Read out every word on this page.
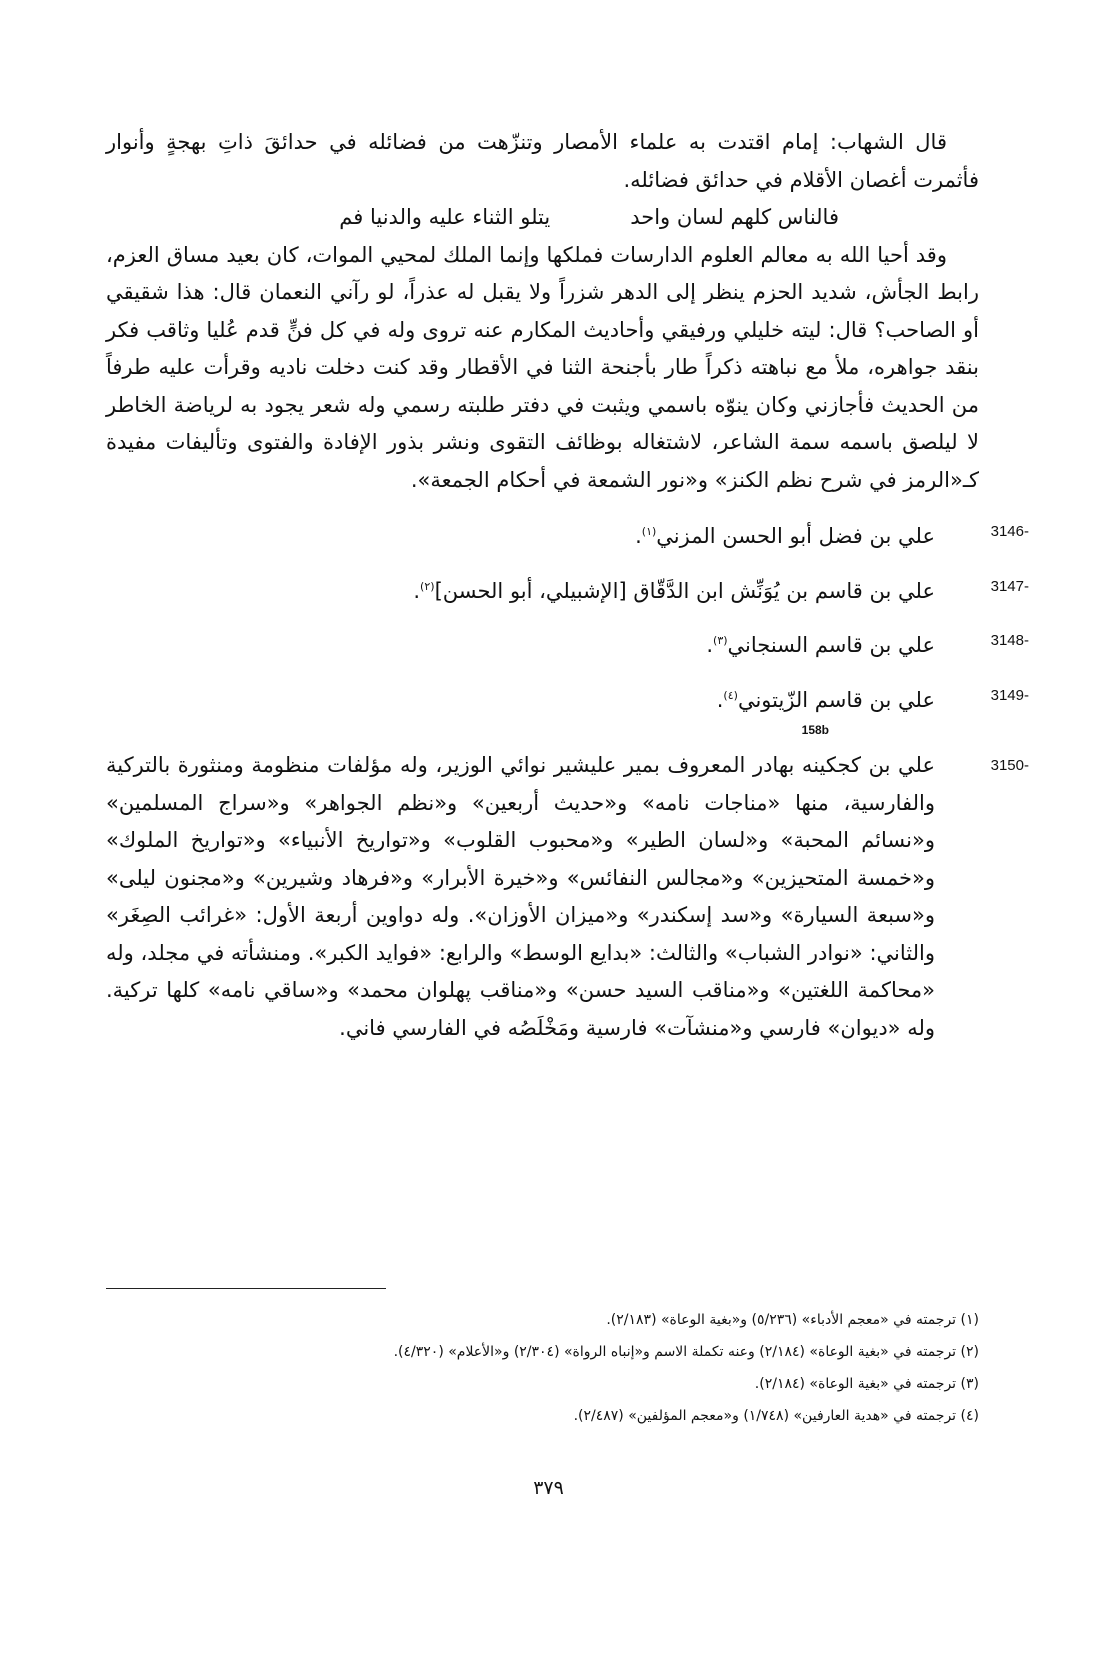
قال الشهاب: إمام اقتدت به علماء الأمصار وتنزّهت من فضائله في حدائقَ ذاتِ بهجةٍ وأنوار فأثمرت أغصان الأقلام في حدائق فضائله.

فالناس كلهم لسان واحد
يتلو الثناء عليه والدنيا فم

وقد أحيا الله به معالم العلوم الدارسات فملكها وإنما الملك لمحيي الموات، كان بعيد مساق العزم، رابط الجأش، شديد الحزم ينظر إلى الدهر شزراً ولا يقبل له عذراً، لو رآني النعمان قال: هذا شقيقي أو الصاحب؟ قال: ليته خليلي ورفيقي وأحاديث المكارم عنه تروى وله في كل فنٍّ قدم عُليا وثاقب فكر بنقد جواهره، ملأ مع نباهته ذكراً طار بأجنحة الثنا في الأقطار وقد كنت دخلت ناديه وقرأت عليه طرفاً من الحديث فأجازني وكان ينوّه باسمي ويثبت في دفتر طلبته رسمي وله شعر يجود به لرياضة الخاطر لا ليلصق باسمه سمة الشاعر، لاشتغاله بوظائف التقوى ونشر بذور الإفادة والفتوى وتأليفات مفيدة كـ«الرمز في شرح نظم الكنز» و«نور الشمعة في أحكام الجمعة».

3146-
علي بن فضل أبو الحسن المزني$^{(١)}$.

3147-
علي بن قاسم بن يُوَنِّش ابن الدَّقّاق [الإشبيلي، أبو الحسن]$^{(٢)}$.

3148-
علي بن قاسم السنجاني$^{(٣)}$.

3149-
علي بن قاسم الزّيتوني$^{(٤)}$.

158b

3150-
علي بن كجكينه بهادر المعروف بمير عليشير نوائي الوزير، وله مؤلفات منظومة ومنثورة بالتركية والفارسية، منها «مناجات نامه» و«حديث أربعين» و«نظم الجواهر» و«سراج المسلمين» و«نسائم المحبة» و«لسان الطير» و«محبوب القلوب» و«تواريخ الأنبياء» و«تواريخ الملوك» و«خمسة المتحيزين» و«مجالس النفائس» و«خيرة الأبرار» و«فرهاد وشيرين» و«مجنون ليلى» و«سبعة السيارة» و«سد إسكندر» و«ميزان الأوزان». وله دواوين أربعة الأول: «غرائب الصِغَر» والثاني: «نوادر الشباب» والثالث: «بدايع الوسط» والرابع: «فوايد الكبر». ومنشأته في مجلد، وله «محاكمة اللغتين» و«مناقب السيد حسن» و«مناقب پهلوان محمد» و«ساقي نامه» كلها تركية. وله «ديوان» فارسي و«منشآت» فارسية ومَخْلَصُه في الفارسي فاني.

(١) ترجمته في «معجم الأدباء» (٥/٢٣٦) و«بغية الوعاة» (٢/١٨٣).

(٢) ترجمته في «بغية الوعاة» (٢/١٨٤) وعنه تكملة الاسم و«إنباه الرواة» (٢/٣٠٤) و«الأعلام» (٤/٣٢٠).

(٣) ترجمته في «بغية الوعاة» (٢/١٨٤).

(٤) ترجمته في «هدية العارفين» (١/٧٤٨) و«معجم المؤلفين» (٢/٤٨٧).

٣٧٩
